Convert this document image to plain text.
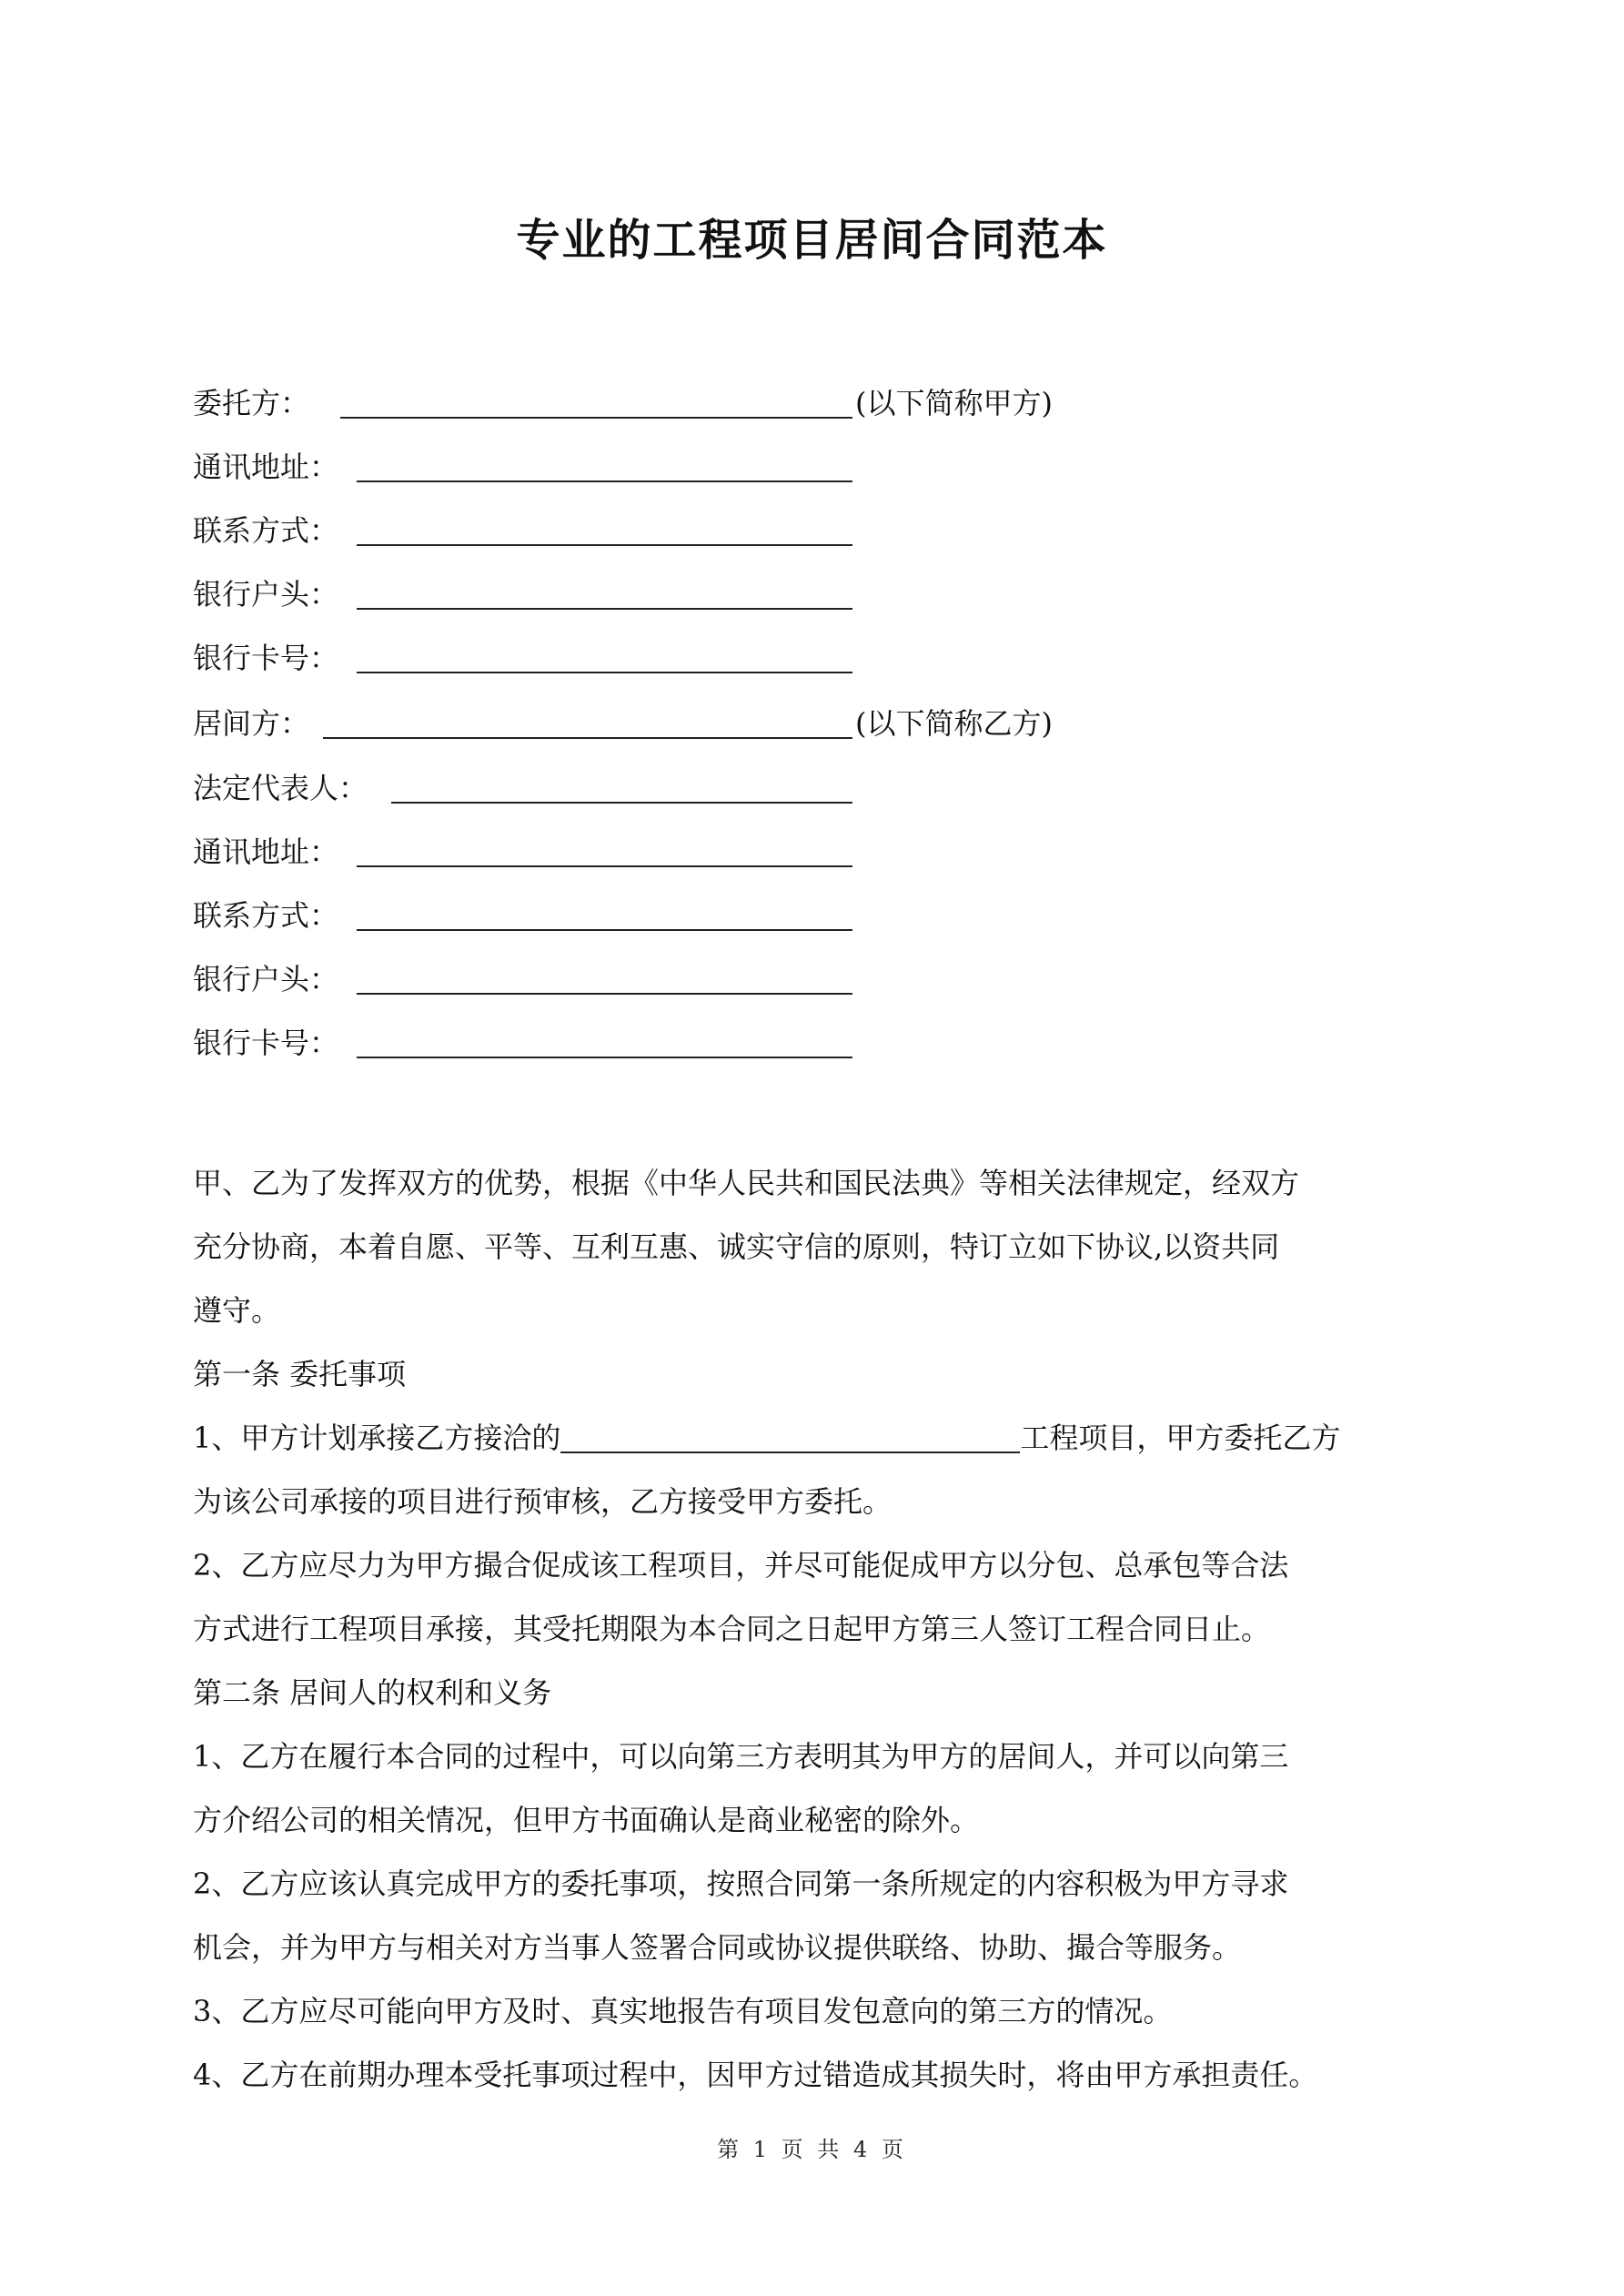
专业的工程项目居间合同范本
委托方：	(以下简称甲方)
通讯地址：
联系方式：
银行户头：
银行卡号：
居间方：	(以下简称乙方)
法定代表人：
通讯地址：
联系方式：
银行户头：
银行卡号：
甲、乙为了发挥双方的优势，根据《中华人民共和国民法典》等相关法律规定，经双方
充分协商，本着自愿、平等、互利互惠、诚实守信的原则，特订立如下协议,以资共同
遵守。
第一条 委托事项
1、甲方计划承接乙方接洽的	工程项目，甲方委托乙方
为该公司承接的项目进行预审核，乙方接受甲方委托。
2、乙方应尽力为甲方撮合促成该工程项目，并尽可能促成甲方以分包、总承包等合法
方式进行工程项目承接，其受托期限为本合同之日起甲方第三人签订工程合同日止。
第二条 居间人的权利和义务
1、乙方在履行本合同的过程中，可以向第三方表明其为甲方的居间人，并可以向第三
方介绍公司的相关情况，但甲方书面确认是商业秘密的除外。
2、乙方应该认真完成甲方的委托事项，按照合同第一条所规定的内容积极为甲方寻求
机会，并为甲方与相关对方当事人签署合同或协议提供联络、协助、撮合等服务。
3、乙方应尽可能向甲方及时、真实地报告有项目发包意向的第三方的情况。
4、乙方在前期办理本受托事项过程中，因甲方过错造成其损失时，将由甲方承担责任。
第 1 页 共 4 页
